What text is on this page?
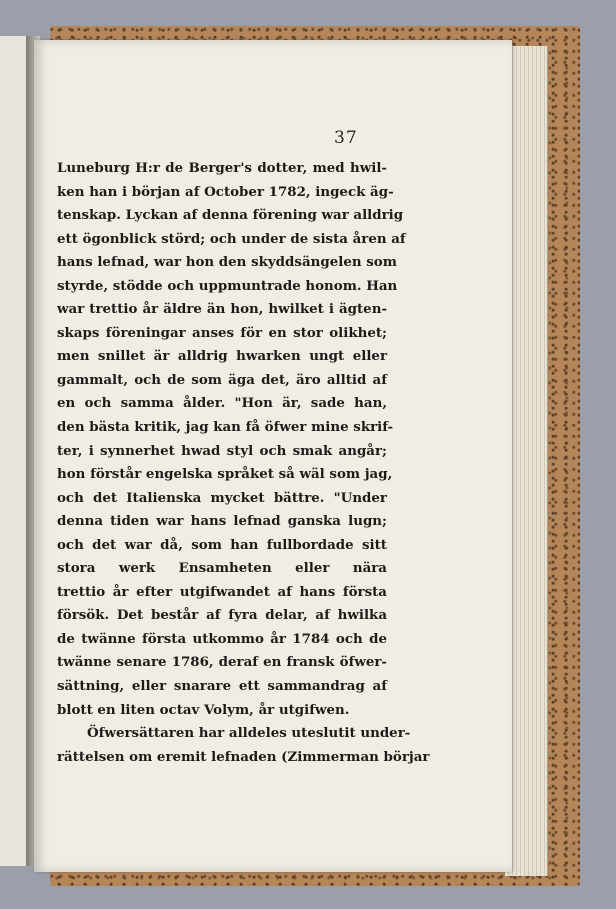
37
Luneburg H:r de Berger's dotter, med hwil-
ken han i början af October 1782, ingeck äg-
tenskap. Lyckan af denna förening war alldrig
ett ögonblick störd; och under de sista åren af
hans lefnad, war hon den skyddsängelen som
styrde, stödde och uppmuntrade honom. Han
war trettio år äldre än hon, hwilket i ägten-
skaps föreningar anses för en stor olikhet;
men snillet är alldrig hwarken ungt eller
gammalt, och de som äga det, äro alltid af
en och samma ålder. "Hon är, sade han,
den bästa kritik, jag kan få öfwer mine skrif-
ter, i synnerhet hwad styl och smak angår;
hon förstår engelska språket så wäl som jag,
och det Italienska mycket bättre. "Under
denna tiden war hans lefnad ganska lugn;
och det war då, som han fullbordade sitt
stora werk Ensamheten eller nära
trettio år efter utgifwandet af hans första
försök. Det består af fyra delar, af hwilka
de twänne första utkommo år 1784 och de
twänne senare 1786, deraf en fransk öfwer-
sättning, eller snarare ett sammandrag af
blott en liten octav Volym, år utgifwen.
Öfwersättaren har alldeles uteslutit under-
rättelsen om eremit lefnaden (Zimmerman börjar
